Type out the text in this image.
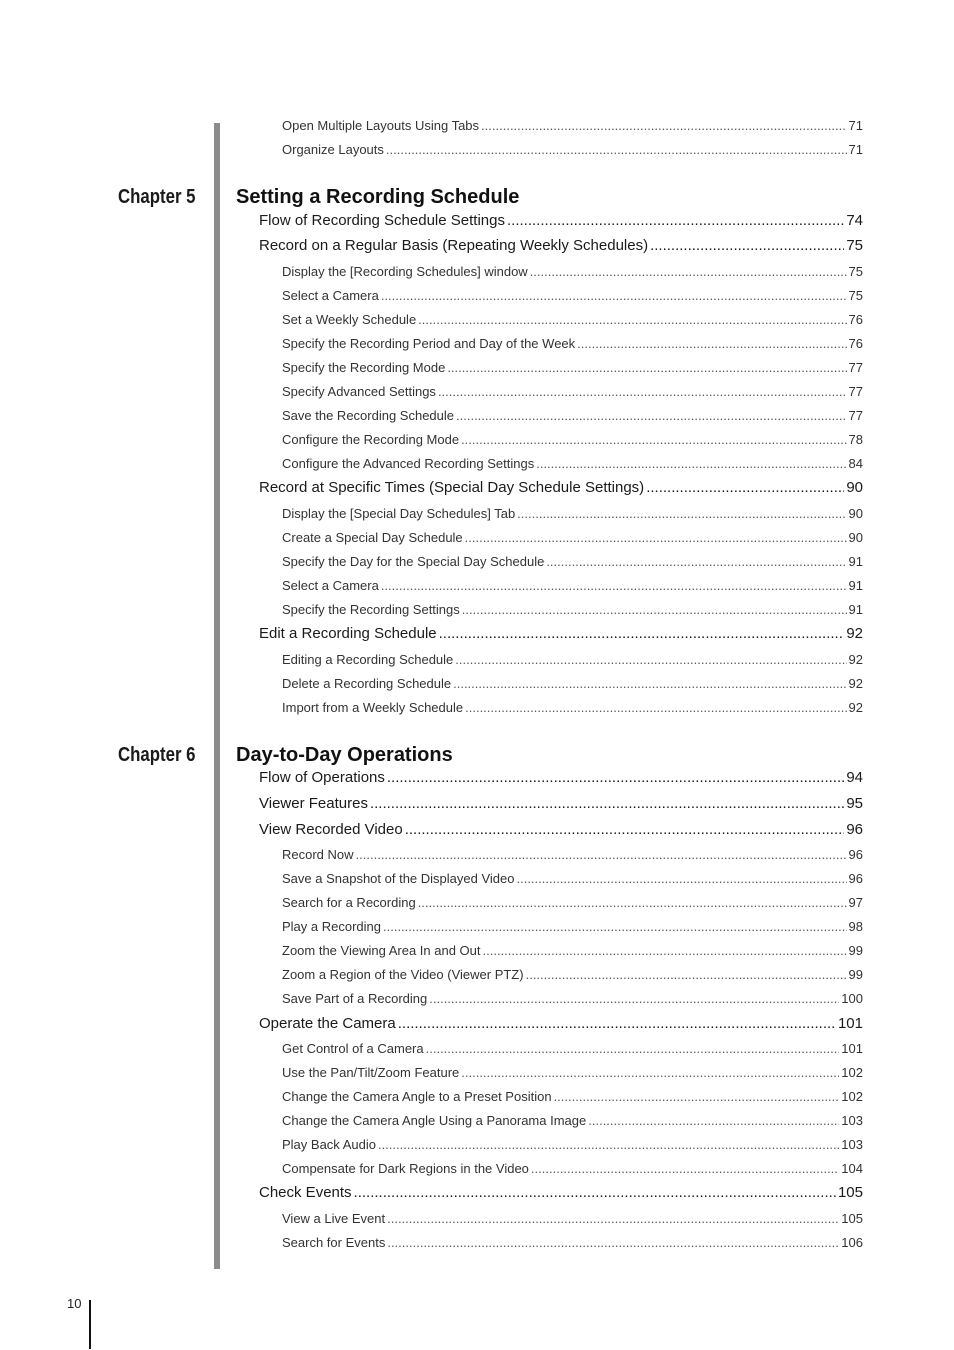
Open Multiple Layouts Using Tabs .....	71
Organize Layouts .....	71
Chapter 5 Setting a Recording Schedule
Flow of Recording Schedule Settings .....	74
Record on a Regular Basis (Repeating Weekly Schedules) .....	75
Display the [Recording Schedules] window .....	75
Select a Camera .....	75
Set a Weekly Schedule .....	76
Specify the Recording Period and Day of the Week .....	76
Specify the Recording Mode .....	77
Specify Advanced Settings .....	77
Save the Recording Schedule .....	77
Configure the Recording Mode .....	78
Configure the Advanced Recording Settings .....	84
Record at Specific Times (Special Day Schedule Settings) .....	90
Display the [Special Day Schedules] Tab .....	90
Create a Special Day Schedule .....	90
Specify the Day for the Special Day Schedule .....	91
Select a Camera .....	91
Specify the Recording Settings .....	91
Edit a Recording Schedule .....	92
Editing a Recording Schedule .....	92
Delete a Recording Schedule .....	92
Import from a Weekly Schedule .....	92
Chapter 6 Day-to-Day Operations
Flow of Operations .....	94
Viewer Features .....	95
View Recorded Video .....	96
Record Now .....	96
Save a Snapshot of the Displayed Video .....	96
Search for a Recording .....	97
Play a Recording .....	98
Zoom the Viewing Area In and Out .....	99
Zoom a Region of the Video (Viewer PTZ) .....	99
Save Part of a Recording .....	100
Operate the Camera .....	101
Get Control of a Camera .....	101
Use the Pan/Tilt/Zoom Feature .....	102
Change the Camera Angle to a Preset Position .....	102
Change the Camera Angle Using a Panorama Image .....	103
Play Back Audio .....	103
Compensate for Dark Regions in the Video .....	104
Check Events .....	105
View a Live Event .....	105
Search for Events .....	106
10
